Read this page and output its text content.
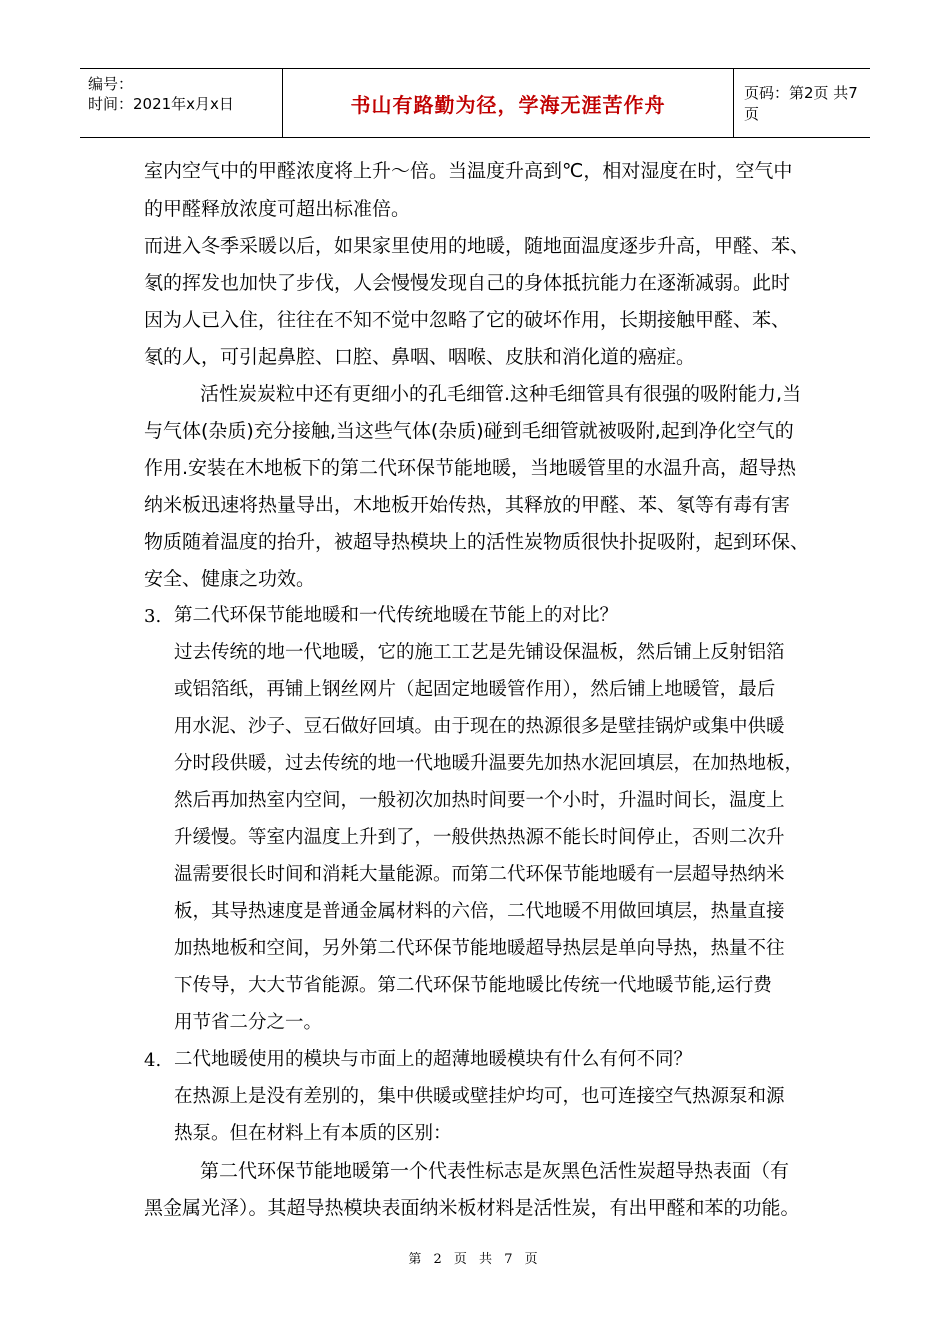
编号：
时间：2021年x月x日	书山有路勤为径，学海无涯苦作舟	页码：第2页 共7页
室内空气中的甲醛浓度将上升～倍。当温度升高到℃，相对湿度在时，空气中
的甲醛释放浓度可超出标准倍。
而进入冬季采暖以后，如果家里使用的地暖，随地面温度逐步升高，甲醛、苯、
氡的挥发也加快了步伐，人会慢慢发现自己的身体抵抗能力在逐渐减弱。此时
因为人已入住，往往在不知不觉中忽略了它的破坏作用，长期接触甲醛、苯、
氡的人，可引起鼻腔、口腔、鼻咽、咽喉、皮肤和消化道的癌症。
活性炭炭粒中还有更细小的孔毛细管.这种毛细管具有很强的吸附能力,当
与气体(杂质)充分接触,当这些气体(杂质)碰到毛细管就被吸附,起到净化空气的
作用.安装在木地板下的第二代环保节能地暖，当地暖管里的水温升高，超导热
纳米板迅速将热量导出，木地板开始传热，其释放的甲醛、苯、氡等有毒有害
物质随着温度的抬升，被超导热模块上的活性炭物质很快扑捉吸附，起到环保、
安全、健康之功效。
3. 第二代环保节能地暖和一代传统地暖在节能上的对比？
过去传统的地一代地暖，它的施工工艺是先铺设保温板，然后铺上反射铝箔
或铝箔纸，再铺上钢丝网片（起固定地暖管作用），然后铺上地暖管，最后
用水泥、沙子、豆石做好回填。由于现在的热源很多是壁挂锅炉或集中供暖
分时段供暖，过去传统的地一代地暖升温要先加热水泥回填层，在加热地板，
然后再加热室内空间，一般初次加热时间要一个小时，升温时间长，温度上
升缓慢。等室内温度上升到了，一般供热热源不能长时间停止，否则二次升
温需要很长时间和消耗大量能源。而第二代环保节能地暖有一层超导热纳米
板，其导热速度是普通金属材料的六倍，二代地暖不用做回填层，热量直接
加热地板和空间，另外第二代环保节能地暖超导热层是单向导热，热量不往
下传导，大大节省能源。第二代环保节能地暖比传统一代地暖节能,运行费
用节省二分之一。
4. 二代地暖使用的模块与市面上的超薄地暖模块有什么有何不同？
在热源上是没有差别的，集中供暖或壁挂炉均可，也可连接空气热源泵和源
热泵。但在材料上有本质的区别：
第二代环保节能地暖第一个代表性标志是灰黑色活性炭超导热表面（有
黑金属光泽）。其超导热模块表面纳米板材料是活性炭，有出甲醛和苯的功能。
第 2 页 共 7 页
